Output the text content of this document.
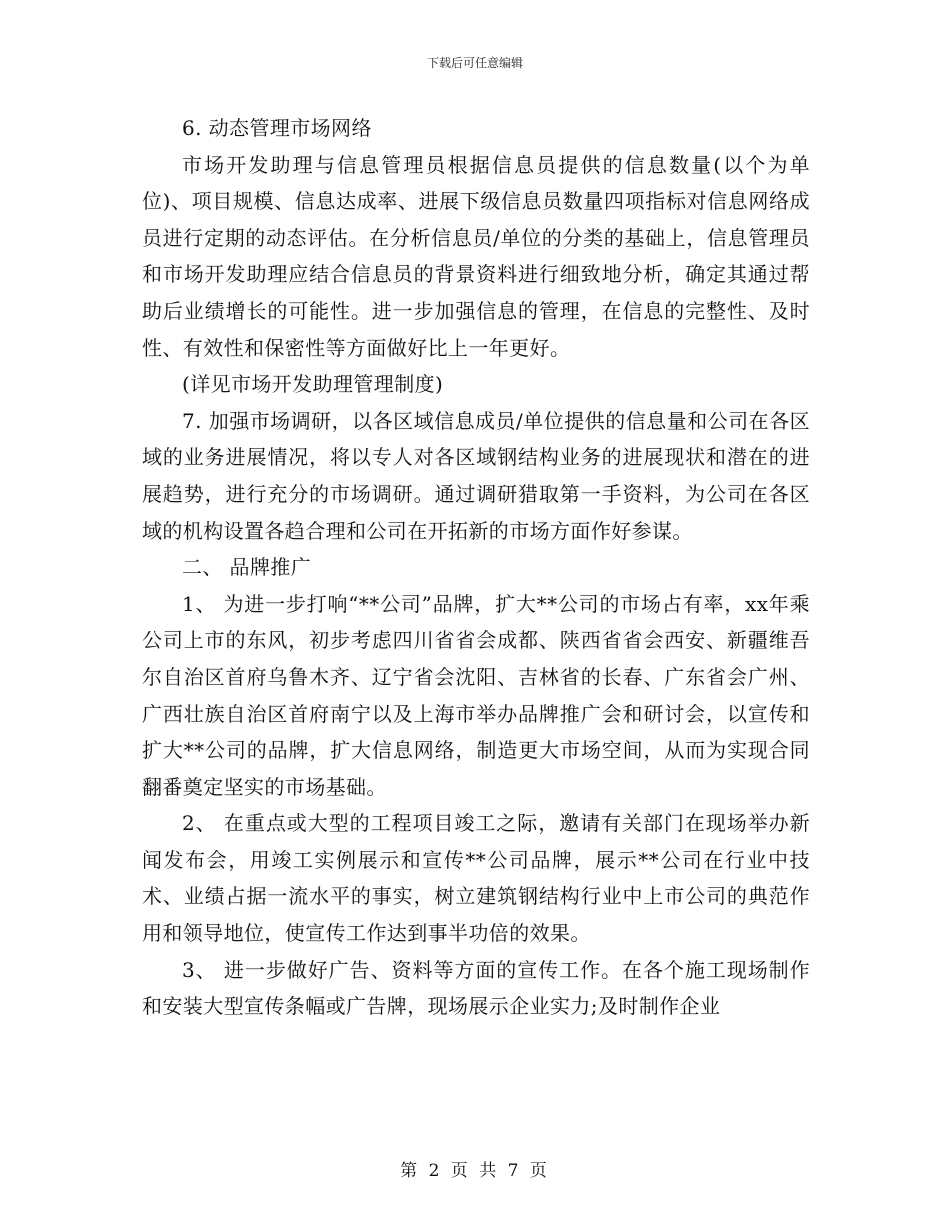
下载后可任意编辑

6. 动态管理市场网络

市场开发助理与信息管理员根据信息员提供的信息数量(以个为单位)、项目规模、信息达成率、进展下级信息员数量四项指标对信息网络成员进行定期的动态评估。在分析信息员/单位的分类的基础上，信息管理员和市场开发助理应结合信息员的背景资料进行细致地分析，确定其通过帮助后业绩增长的可能性。进一步加强信息的管理，在信息的完整性、及时性、有效性和保密性等方面做好比上一年更好。

(详见市场开发助理管理制度)

7. 加强市场调研，以各区域信息成员/单位提供的信息量和公司在各区域的业务进展情况，将以专人对各区域钢结构业务的进展现状和潜在的进展趋势，进行充分的市场调研。通过调研猎取第一手资料，为公司在各区域的机构设置各趋合理和公司在开拓新的市场方面作好参谋。

二、 品牌推广

1、 为进一步打响“**公司”品牌，扩大**公司的市场占有率，xx年乘公司上市的东风，初步考虑四川省省会成都、陕西省省会西安、新疆维吾尔自治区首府乌鲁木齐、辽宁省会沈阳、吉林省的长春、广东省会广州、广西壮族自治区首府南宁以及上海市举办品牌推广会和研讨会，以宣传和扩大**公司的品牌，扩大信息网络，制造更大市场空间，从而为实现合同翻番奠定坚实的市场基础。

2、 在重点或大型的工程项目竣工之际，邀请有关部门在现场举办新闻发布会，用竣工实例展示和宣传**公司品牌，展示**公司在行业中技术、业绩占据一流水平的事实，树立建筑钢结构行业中上市公司的典范作用和领导地位，使宣传工作达到事半功倍的效果。

3、 进一步做好广告、资料等方面的宣传工作。在各个施工现场制作和安装大型宣传条幅或广告牌，现场展示企业实力;及时制作企业

第 2 页 共 7 页
